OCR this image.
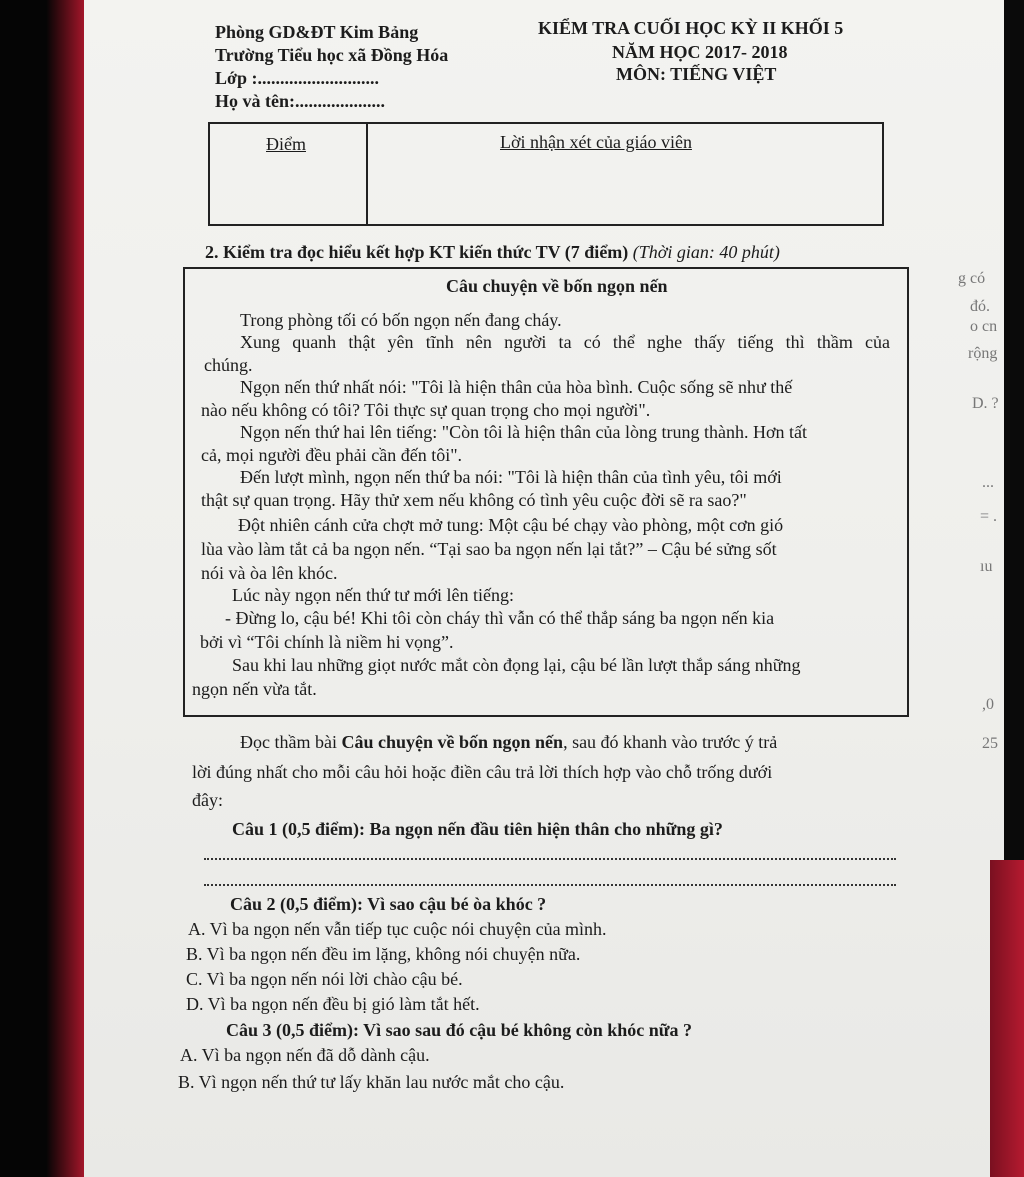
Phòng GD&ĐT Kim Bảng
Trường Tiểu học xã Đồng Hóa
Lớp :...........................
Họ và tên:....................
KIỂM TRA CUỐI HỌC KỲ II KHỐI 5
NĂM HỌC 2017- 2018
MÔN: TIẾNG VIỆT
Điểm	Lời nhận xét của giáo viên
2. Kiểm tra đọc hiểu kết hợp KT kiến thức TV (7 điểm) (Thời gian: 40 phút)
Câu chuyện về bốn ngọn nến
Trong phòng tối có bốn ngọn nến đang cháy.
Xung quanh thật yên tĩnh nên người ta có thể nghe thấy tiếng thì thầm của
chúng.
Ngọn nến thứ nhất nói: "Tôi là hiện thân của hòa bình. Cuộc sống sẽ như thế
nào nếu không có tôi? Tôi thực sự quan trọng cho mọi người".
Ngọn nến thứ hai lên tiếng: "Còn tôi là hiện thân của lòng trung thành. Hơn tất
cả, mọi người đều phải cần đến tôi".
Đến lượt mình, ngọn nến thứ ba nói: "Tôi là hiện thân của tình yêu, tôi mới
thật sự quan trọng. Hãy thử xem nếu không có tình yêu cuộc đời sẽ ra sao?"
Đột nhiên cánh cửa chợt mở tung: Một cậu bé chạy vào phòng, một cơn gió
lùa vào làm tắt cả ba ngọn nến. “Tại sao ba ngọn nến lại tắt?” – Cậu bé sửng sốt
nói và òa lên khóc.
Lúc này ngọn nến thứ tư mới lên tiếng:
- Đừng lo, cậu bé! Khi tôi còn cháy thì vẫn có thể thắp sáng ba ngọn nến kia
bởi vì “Tôi chính là niềm hi vọng”.
Sau khi lau những giọt nước mắt còn đọng lại, cậu bé lần lượt thắp sáng những
ngọn nến vừa tắt.
Đọc thầm bài Câu chuyện về bốn ngọn nến, sau đó khanh vào trước ý trả
lời đúng nhất cho mỗi câu hỏi hoặc điền câu trả lời thích hợp vào chỗ trống dưới
đây:
Câu 1 (0,5 điểm): Ba ngọn nến đầu tiên hiện thân cho những gì?
Câu 2 (0,5 điểm): Vì sao cậu bé òa khóc ?
A. Vì ba ngọn nến vẫn tiếp tục cuộc nói chuyện của mình.
B. Vì ba ngọn nến đều im lặng, không nói chuyện nữa.
C. Vì ba ngọn nến nói lời chào cậu bé.
D. Vì ba ngọn nến đều bị gió làm tắt hết.
Câu 3 (0,5 điểm): Vì sao sau đó cậu bé không còn khóc nữa ?
A. Vì ba ngọn nến đã dỗ dành cậu.
B. Vì ngọn nến thứ tư lấy khăn lau nước mắt cho cậu.
g có
đó.
o cn
rộng
D. ?
...
= .
ıu
,0
25
